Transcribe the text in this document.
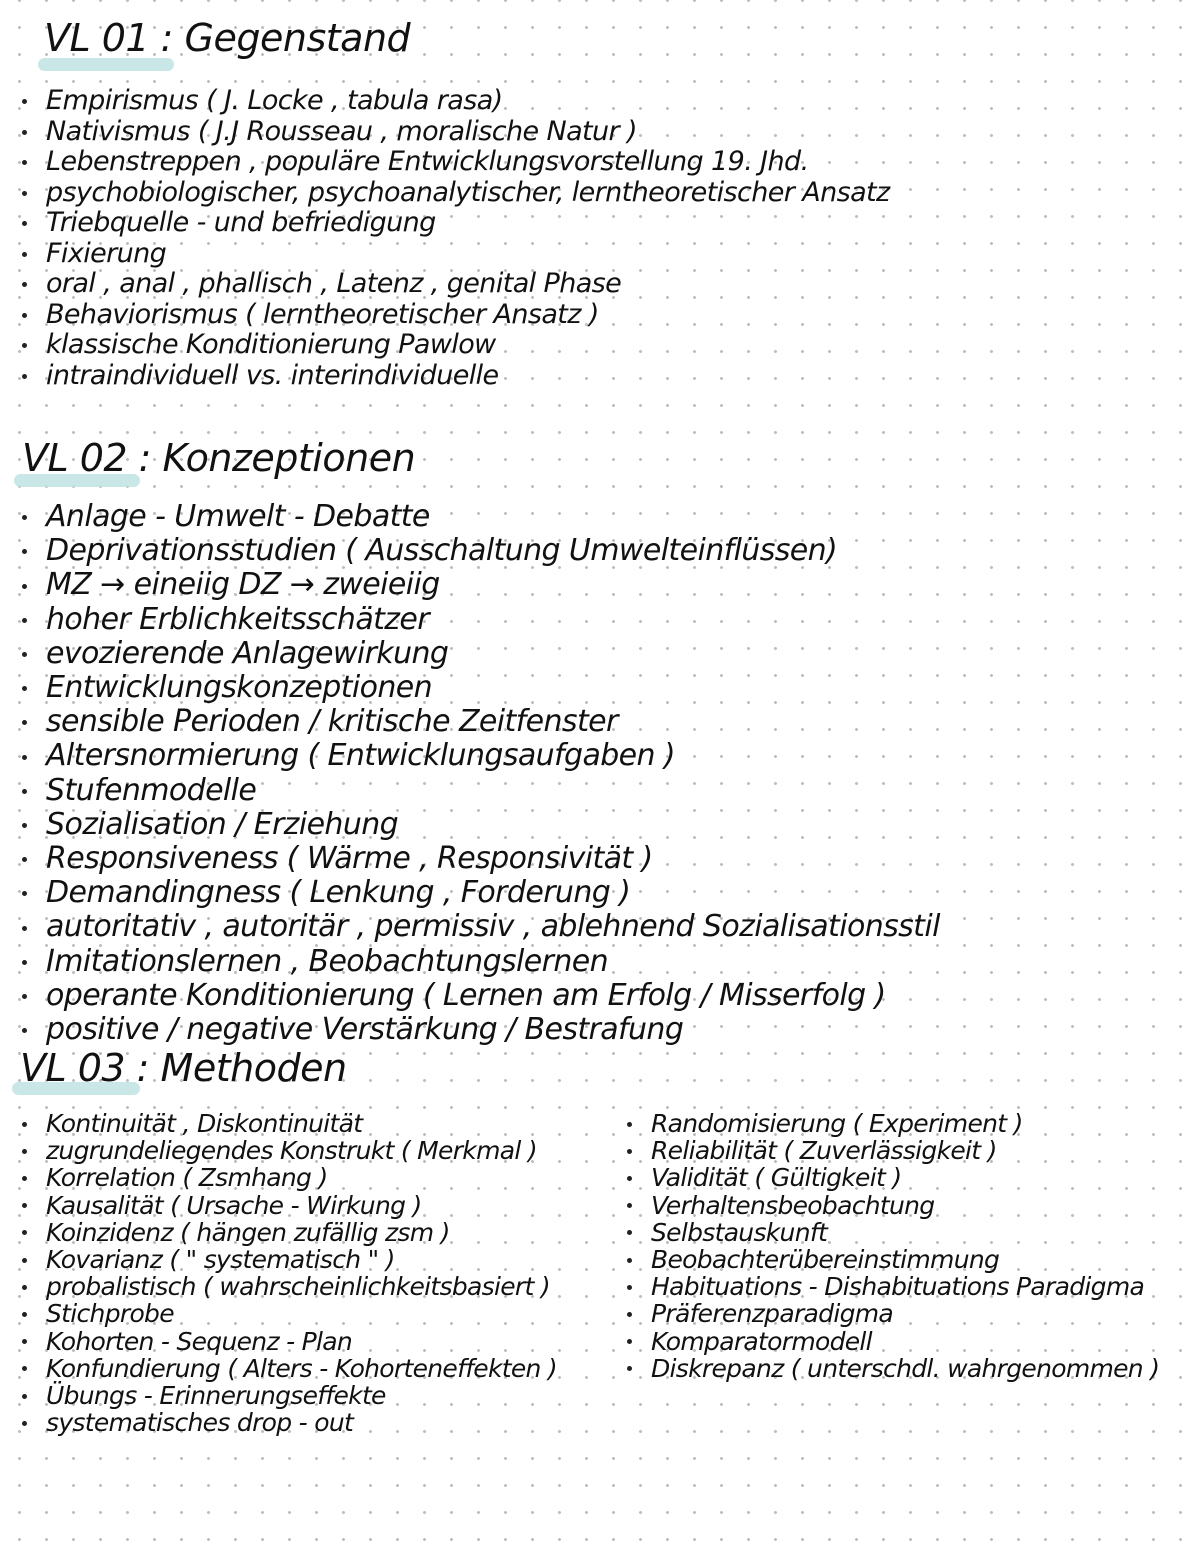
VL 01 : Gegenstand
Empirismus ( J. Locke , tabula rasa)
Nativismus ( J.J Rousseau , moralische Natur )
Lebenstreppen , populäre Entwicklungsvorstellung 19. Jhd.
psychobiologischer, psychoanalytischer, lerntheoretischer Ansatz
Triebquelle - und befriedigung
Fixierung
oral , anal , phallisch , Latenz , genital Phase
Behaviorismus ( lerntheoretischer Ansatz )
klassische Konditionierung Pawlow
intraindividuell vs. interindividuelle
VL 02 : Konzeptionen
Anlage - Umwelt - Debatte
Deprivationsstudien ( Ausschaltung Umwelteinflüssen)
MZ → eineiig DZ → zweieiig
hoher Erblichkeitsschätzer
evozierende Anlagewirkung
Entwicklungskonzeptionen
sensible Perioden / kritische Zeitfenster
Altersnormierung ( Entwicklungsaufgaben )
Stufenmodelle
Sozialisation / Erziehung
Responsiveness ( Wärme , Responsivität )
Demandingness ( Lenkung , Forderung )
autoritativ , autoritär , permissiv , ablehnend Sozialisationsstil
Imitationslernen , Beobachtungslernen
operante Konditionierung ( Lernen am Erfolg / Misserfolg )
positive / negative Verstärkung / Bestrafung
VL 03 : Methoden
Kontinuität , Diskontinuität
zugrundeliegendes Konstrukt ( Merkmal )
Korrelation ( Zsmhang )
Kausalität ( Ursache - Wirkung )
Koinzidenz ( hängen zufällig zsm )
Kovarianz ( " systematisch " )
probalistisch ( wahrscheinlichkeitsbasiert )
Stichprobe
Kohorten - Sequenz - Plan
Konfundierung ( Alters - Kohorteneffekten )
Übungs - Erinnerungseffekte
systematisches drop - out
Randomisierung ( Experiment )
Reliabilität ( Zuverlässigkeit )
Validität ( Gültigkeit )
Verhaltensbeobachtung
Selbstauskunft
Beobachterübereinstimmung
Habituations - Dishabituations Paradigma
Präferenzparadigma
Komparatormodell
Diskrepanz ( unterschdl. wahrgenommen )
